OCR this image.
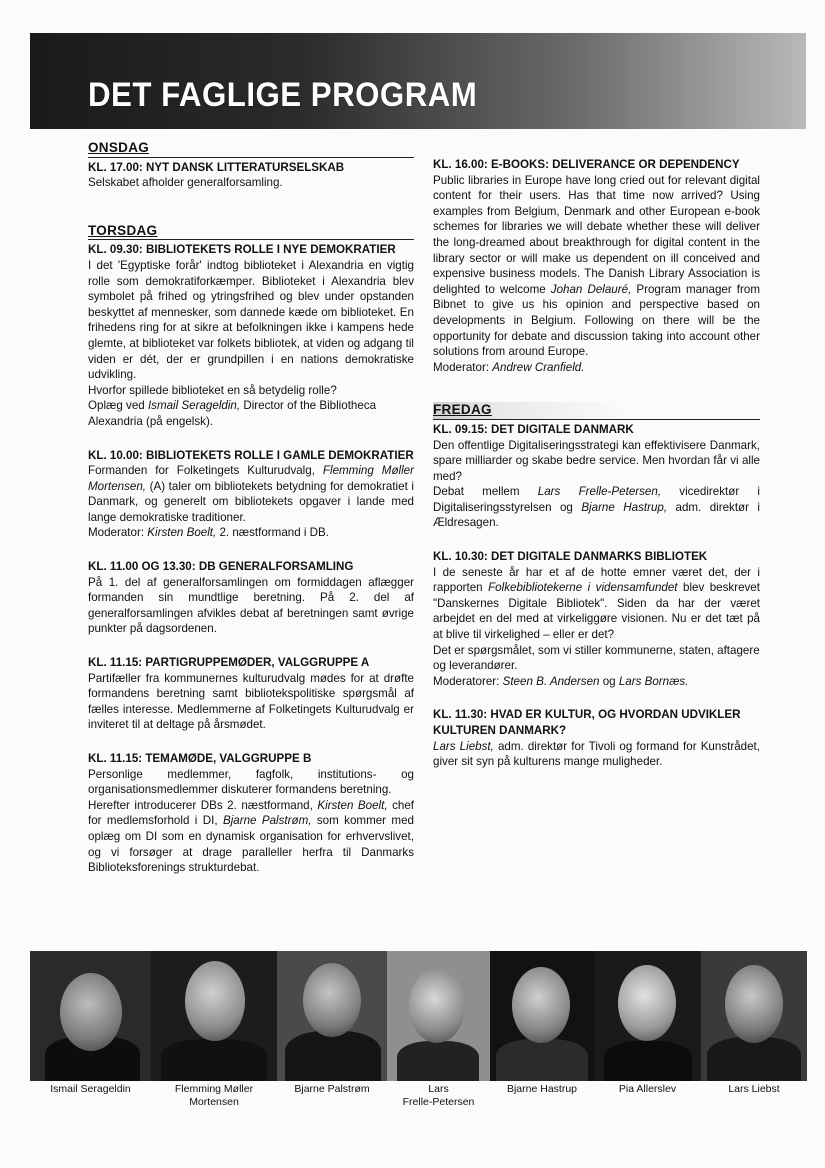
DET FAGLIGE PROGRAM
ONSDAG
KL. 17.00: NYT DANSK LITTERATURSELSKAB

Selskabet afholder generalforsamling.

TORSDAG
KL. 09.30: BIBLIOTEKETS ROLLE I NYE DEMOKRATIER

I det 'Egyptiske forår' indtog biblioteket i Alexandria en vigtig rolle som demokratiforkæmper. Biblioteket i Alexandria blev symbolet på frihed og ytringsfrihed og blev under opstanden beskyttet af mennesker, som dannede kæde om biblioteket. En frihedens ring for at sikre at befolkningen ikke i kampens hede glemte, at biblioteket var folkets bibliotek, at viden og adgang til viden er dét, der er grundpillen i en nations demokratiske udvikling.

Hvorfor spillede biblioteket en så betydelig rolle?

Oplæg ved Ismail Serageldin, Director of the Bibliotheca Alexandria (på engelsk).

KL. 10.00: BIBLIOTEKETS ROLLE I GAMLE DEMOKRATIER

Formanden for Folketingets Kulturudvalg, Flemming Møller Mortensen, (A) taler om bibliotekets betydning for demokratiet i Danmark, og generelt om bibliotekets opgaver i lande med lange demokratiske traditioner.

Moderator: Kirsten Boelt, 2. næstformand i DB.

KL. 11.00 OG 13.30: DB GENERALFORSAMLING

På 1. del af generalforsamlingen om formiddagen aflægger formanden sin mundtlige beretning. På 2. del af generalforsamlingen afvikles debat af beretningen samt øvrige punkter på dagsordenen.

KL. 11.15: PARTIGRUPPEMØDER, VALGGRUPPE A

Partifæller fra kommunernes kulturudvalg mødes for at drøfte formandens beretning samt bibliotekspolitiske spørgsmål af fælles interesse. Medlemmerne af Folketingets Kulturudvalg er inviteret til at deltage på årsmødet.

KL. 11.15: TEMAMØDE, VALGGRUPPE B

Personlige medlemmer, fagfolk, institutions- og organisationsmedlemmer diskuterer formandens beretning.

Herefter introducerer DBs 2. næstformand, Kirsten Boelt, chef for medlemsforhold i DI, Bjarne Palstrøm, som kommer med oplæg om DI som en dynamisk organisation for erhvervslivet, og vi forsøger at drage paralleller herfra til Danmarks Biblioteksforenings strukturdebat.

KL. 16.00: E-BOOKS: DELIVERANCE OR DEPENDENCY

Public libraries in Europe have long cried out for relevant digital content for their users. Has that time now arrived? Using examples from Belgium, Denmark and other European e-book schemes for libraries we will debate whether these will deliver the long-dreamed about breakthrough for digital content in the library sector or will make us dependent on ill conceived and expensive business models. The Danish Library Association is delighted to welcome Johan Delauré, Program manager from Bibnet to give us his opinion and perspective based on developments in Belgium. Following on there will be the opportunity for debate and discussion taking into account other solutions from around Europe.

Moderator: Andrew Cranfield.

FREDAG
KL. 09.15: DET DIGITALE DANMARK

Den offentlige Digitaliseringsstrategi kan effektivisere Danmark, spare milliarder og skabe bedre service. Men hvordan får vi alle med?

Debat mellem Lars Frelle-Petersen, vicedirektør i Digitaliseringsstyrelsen og Bjarne Hastrup, adm. direktør i Ældresagen.

KL. 10.30: DET DIGITALE DANMARKS BIBLIOTEK

I de seneste år har et af de hotte emner været det, der i rapporten Folkebibliotekerne i vidensamfundet blev beskrevet "Danskernes Digitale Bibliotek". Siden da har der været arbejdet en del med at virkeliggøre visionen. Nu er det tæt på at blive til virkelighed – eller er det?

Det er spørgsmålet, som vi stiller kommunerne, staten, aftagere og leverandører.

Moderatorer: Steen B. Andersen og Lars Bornæs.

KL. 11.30: HVAD ER KULTUR, OG HVORDAN UDVIKLER KULTUREN DANMARK?

Lars Liebst, adm. direktør for Tivoli og formand for Kunstrådet, giver sit syn på kulturens mange muligheder.

Ismail Serageldin	Flemming Møller
Mortensen
Bjarne Palstrøm	Lars
Frelle-Petersen
Bjarne Hastrup	Pia Allerslev	Lars Liebst
